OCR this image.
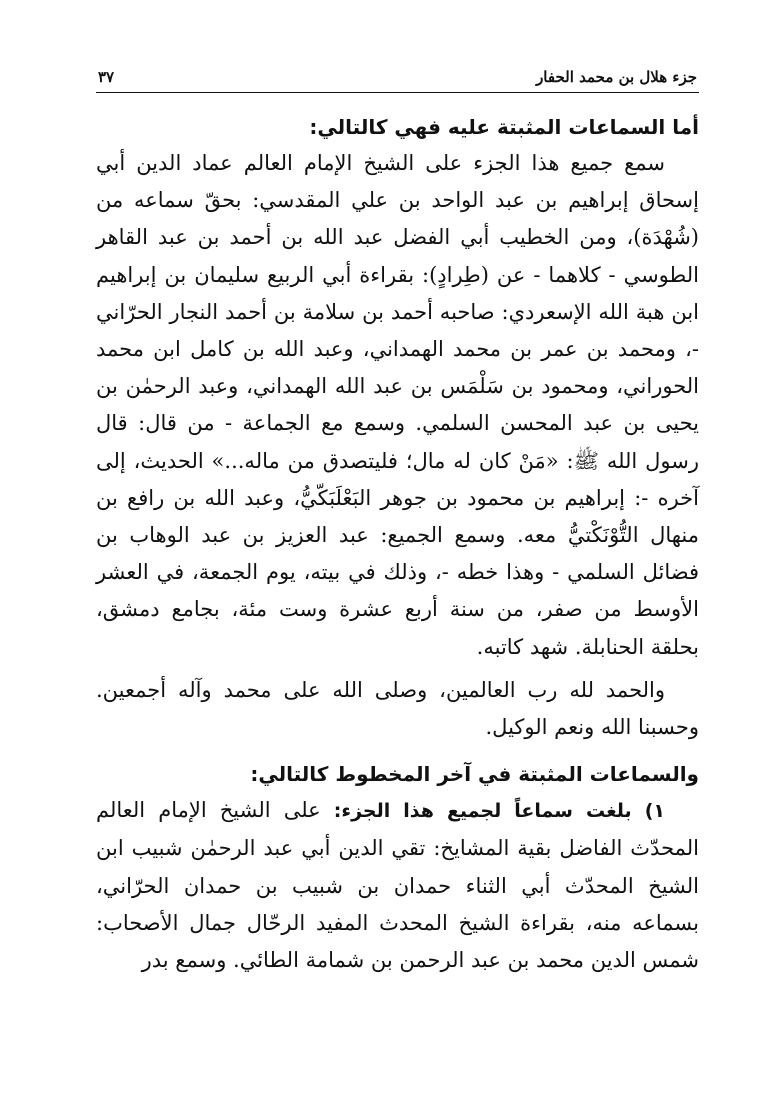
جزء هلال بن محمد الحفار
٣٧

أما السماعات المثبتة عليه فهي كالتالي:

سمع جميع هذا الجزء على الشيخ الإمام العالم عماد الدين أبي إسحاق إبراهيم بن عبد الواحد بن علي المقدسي: بحقّ سماعه من (شُهْدَة)، ومن الخطيب أبي الفضل عبد الله بن أحمد بن عبد القاهر الطوسي - كلاهما - عن (طِرادٍ): بقراءة أبي الربيع سليمان بن إبراهيم ابن هبة الله الإسعردي: صاحبه أحمد بن سلامة بن أحمد النجار الحرّاني -، ومحمد بن عمر بن محمد الهمداني، وعبد الله بن كامل ابن محمد الحوراني، ومحمود بن سَلْمَس بن عبد الله الهمداني، وعبد الرحمٰن بن يحيى بن عبد المحسن السلمي. وسمع مع الجماعة - من قال: قال رسول الله ﷺ: «مَنْ كان له مال؛ فليتصدق من ماله...» الحديث، إلى آخره -: إبراهيم بن محمود بن جوهر البَعْلَبَكّيُّ، وعبد الله بن رافع بن منهال التُّوْنَكْتيُّ معه. وسمع الجميع: عبد العزيز بن عبد الوهاب بن فضائل السلمي - وهذا خطه -، وذلك في بيته، يوم الجمعة، في العشر الأوسط من صفر، من سنة أربع عشرة وست مئة، بجامع دمشق، بحلقة الحنابلة. شهد كاتبه.

والحمد لله رب العالمين، وصلى الله على محمد وآله أجمعين. وحسبنا الله ونعم الوكيل.

والسماعات المثبتة في آخر المخطوط كالتالي:

١) بلغت سماعاً لجميع هذا الجزء: على الشيخ الإمام العالم المحدّث الفاضل بقية المشايخ: تقي الدين أبي عبد الرحمٰن شبيب ابن الشيخ المحدّث أبي الثناء حمدان بن شبيب بن حمدان الحرّاني، بسماعه منه، بقراءة الشيخ المحدث المفيد الرحّال جمال الأصحاب: شمس الدين محمد بن عبد الرحمن بن شمامة الطائي. وسمع بدر
